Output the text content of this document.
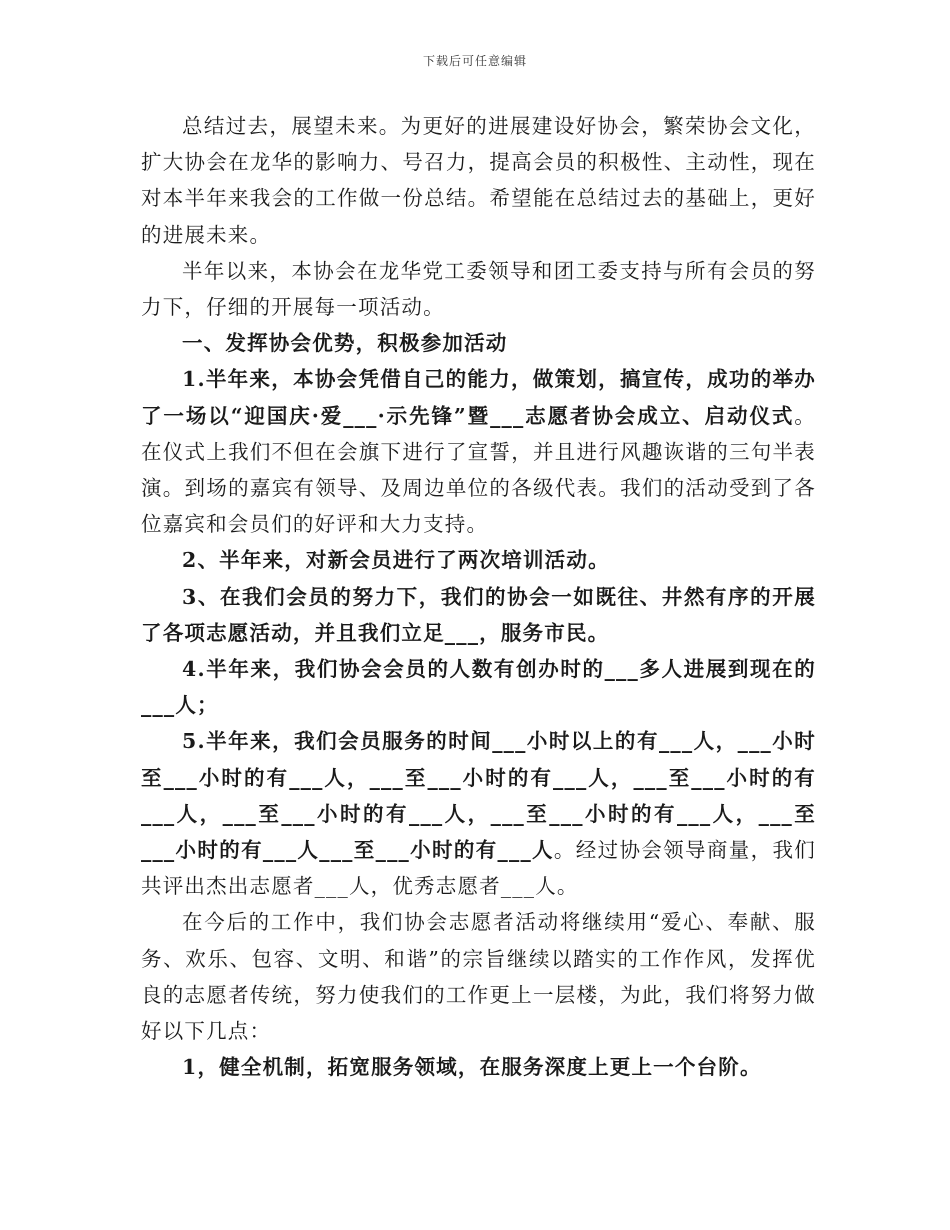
下载后可任意编辑

总结过去，展望未来。为更好的进展建设好协会，繁荣协会文化，扩大协会在龙华的影响力、号召力，提高会员的积极性、主动性，现在对本半年来我会的工作做一份总结。希望能在总结过去的基础上，更好的进展未来。

半年以来，本协会在龙华党工委领导和团工委支持与所有会员的努力下，仔细的开展每一项活动。

一、发挥协会优势，积极参加活动

1.半年来，本协会凭借自己的能力，做策划，搞宣传，成功的举办了一场以“迎国庆·爱___·示先锋”暨___志愿者协会成立、启动仪式。在仪式上我们不但在会旗下进行了宣誓，并且进行风趣诙谐的三句半表演。到场的嘉宾有领导、及周边单位的各级代表。我们的活动受到了各位嘉宾和会员们的好评和大力支持。

2、半年来，对新会员进行了两次培训活动。

3、在我们会员的努力下，我们的协会一如既往、井然有序的开展了各项志愿活动，并且我们立足___，服务市民。

4.半年来，我们协会会员的人数有创办时的___多人进展到现在的___人；

5.半年来，我们会员服务的时间___小时以上的有___人，___小时至___小时的有___人，___至___小时的有___人，___至___小时的有___人，___至___小时的有___人，___至___小时的有___人，___至___小时的有___人___至___小时的有___人。经过协会领导商量，我们共评出杰出志愿者___人，优秀志愿者___人。

在今后的工作中，我们协会志愿者活动将继续用“爱心、奉献、服务、欢乐、包容、文明、和谐”的宗旨继续以踏实的工作作风，发挥优良的志愿者传统，努力使我们的工作更上一层楼，为此，我们将努力做好以下几点：

1，健全机制，拓宽服务领域，在服务深度上更上一个台阶。
